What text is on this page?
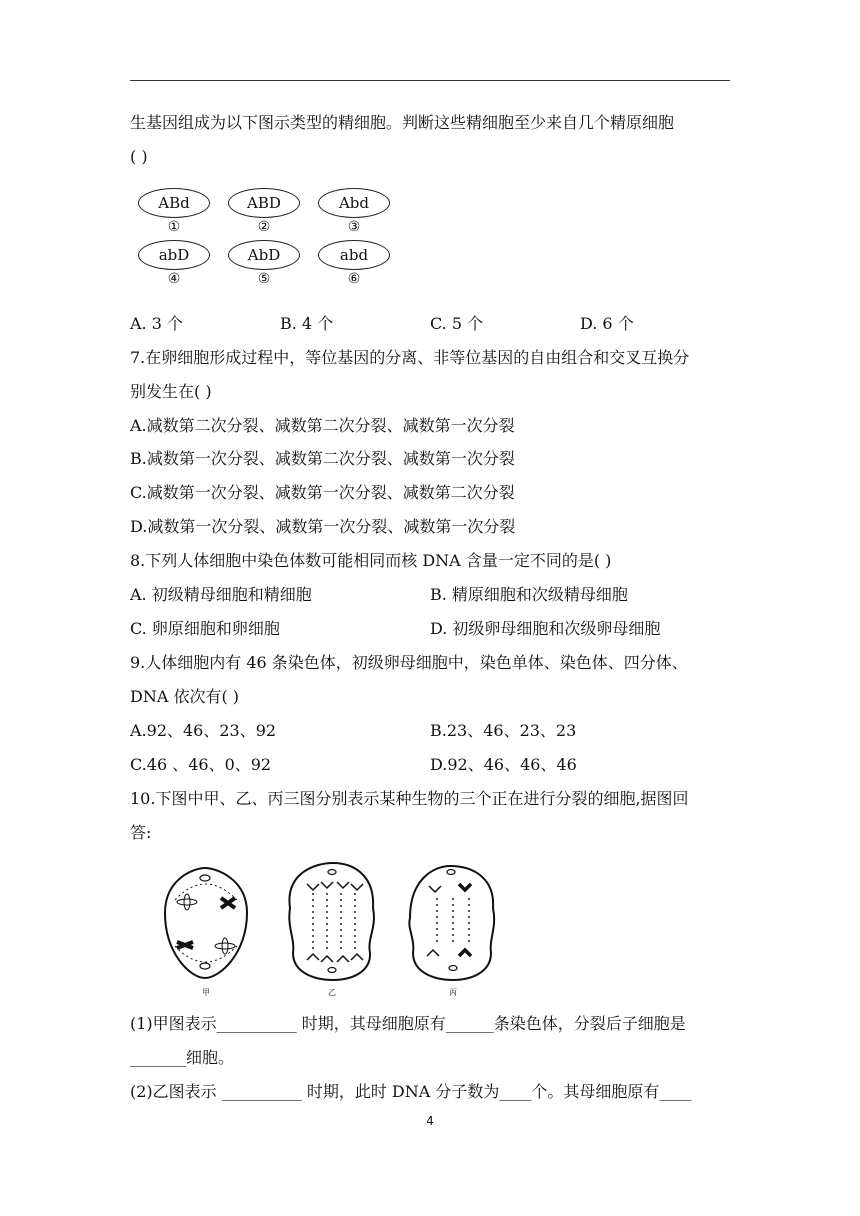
生基因组成为以下图示类型的精细胞。判断这些精细胞至少来自几个精原细胞
( )
ABd
①
ABD
②
Abd
③
abD
④
AbD
⑤
abd
⑥
A. 3 个	B. 4 个	C. 5 个	D. 6 个
7.在卵细胞形成过程中，等位基因的分离、非等位基因的自由组合和交叉互换分
别发生在( )
A.减数第二次分裂、减数第二次分裂、减数第一次分裂
B.减数第一次分裂、减数第二次分裂、减数第一次分裂
C.减数第一次分裂、减数第一次分裂、减数第二次分裂
D.减数第一次分裂、减数第一次分裂、减数第一次分裂
8.下列人体细胞中染色体数可能相同而核 DNA 含量一定不同的是( )
A. 初级精母细胞和精细胞	B. 精原细胞和次级精母细胞
C. 卵原细胞和卵细胞	D. 初级卵母细胞和次级卵母细胞
9.人体细胞内有 46 条染色体，初级卵母细胞中，染色单体、染色体、四分体、
DNA 依次有( )
A.92、46、23、92	B.23、46、23、23
C.46 、46、0、92	D.92、46、46、46
10.下图中甲、乙、丙三图分别表示某种生物的三个正在进行分裂的细胞,据图回
答:
甲	乙	丙
(1)甲图表示__________ 时期，其母细胞原有______条染色体，分裂后子细胞是
_______细胞。
(2)乙图表示 __________ 时期，此时 DNA 分子数为____个。其母细胞原有____
4
